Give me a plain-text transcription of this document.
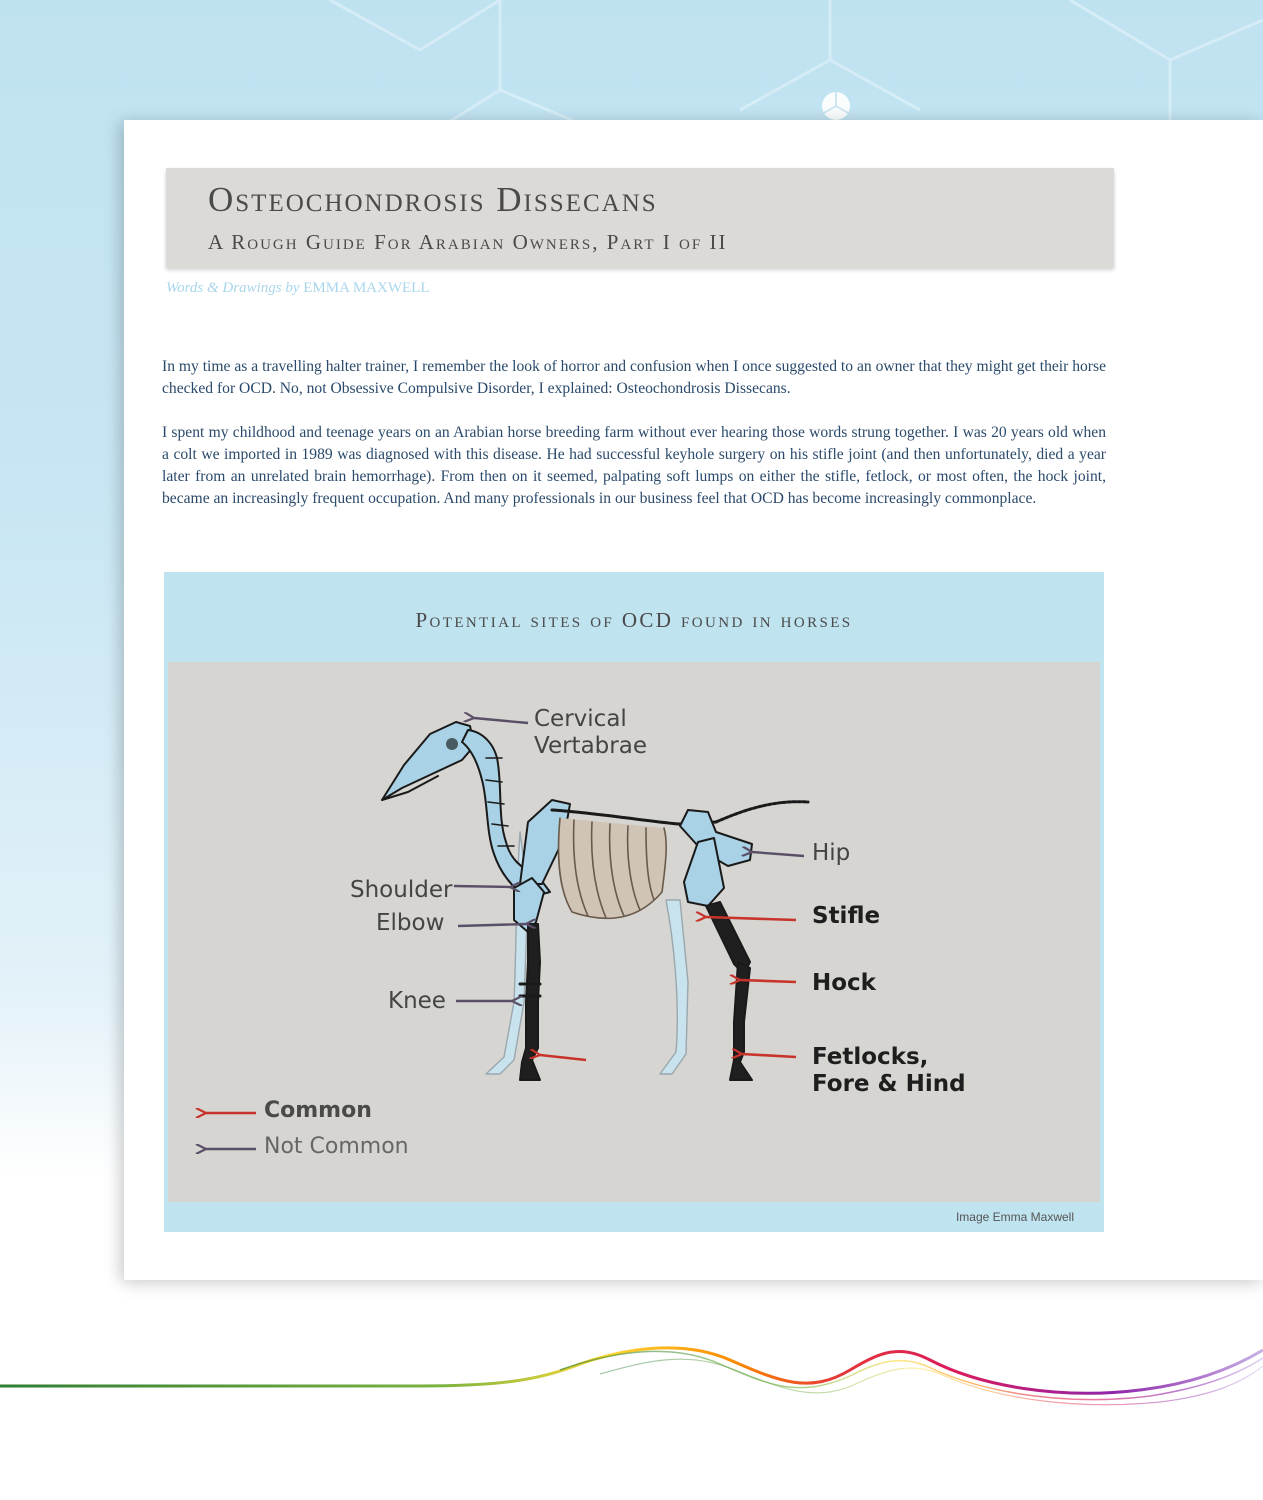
Osteochondrosis Dissecans
A Rough Guide For Arabian Owners, Part I of II
Words & Drawings by EMMA MAXWELL

In my time as a travelling halter trainer, I remember the look of horror and confusion when I once suggested to an owner that they might get their horse checked for OCD. No, not Obsessive Compulsive Disorder, I explained: Osteochondrosis Dissecans.

I spent my childhood and teenage years on an Arabian horse breeding farm without ever hearing those words strung together. I was 20 years old when a colt we imported in 1989 was diagnosed with this disease. He had successful keyhole surgery on his stifle joint (and then unfortunately, died a year later from an unrelated brain hemorrhage). From then on it seemed, palpating soft lumps on either the stifle, fetlock, or most often, the hock joint, became an increasingly frequent occupation. And many professionals in our business feel that OCD has become increasingly commonplace.

Potential sites of OCD found in horses
Cervical
Vertabrae
Hip
Shoulder
Elbow	Stifle
Hock
Knee
Fetlocks,
Fore & Hind
Common
Not Common
Image Emma Maxwell
